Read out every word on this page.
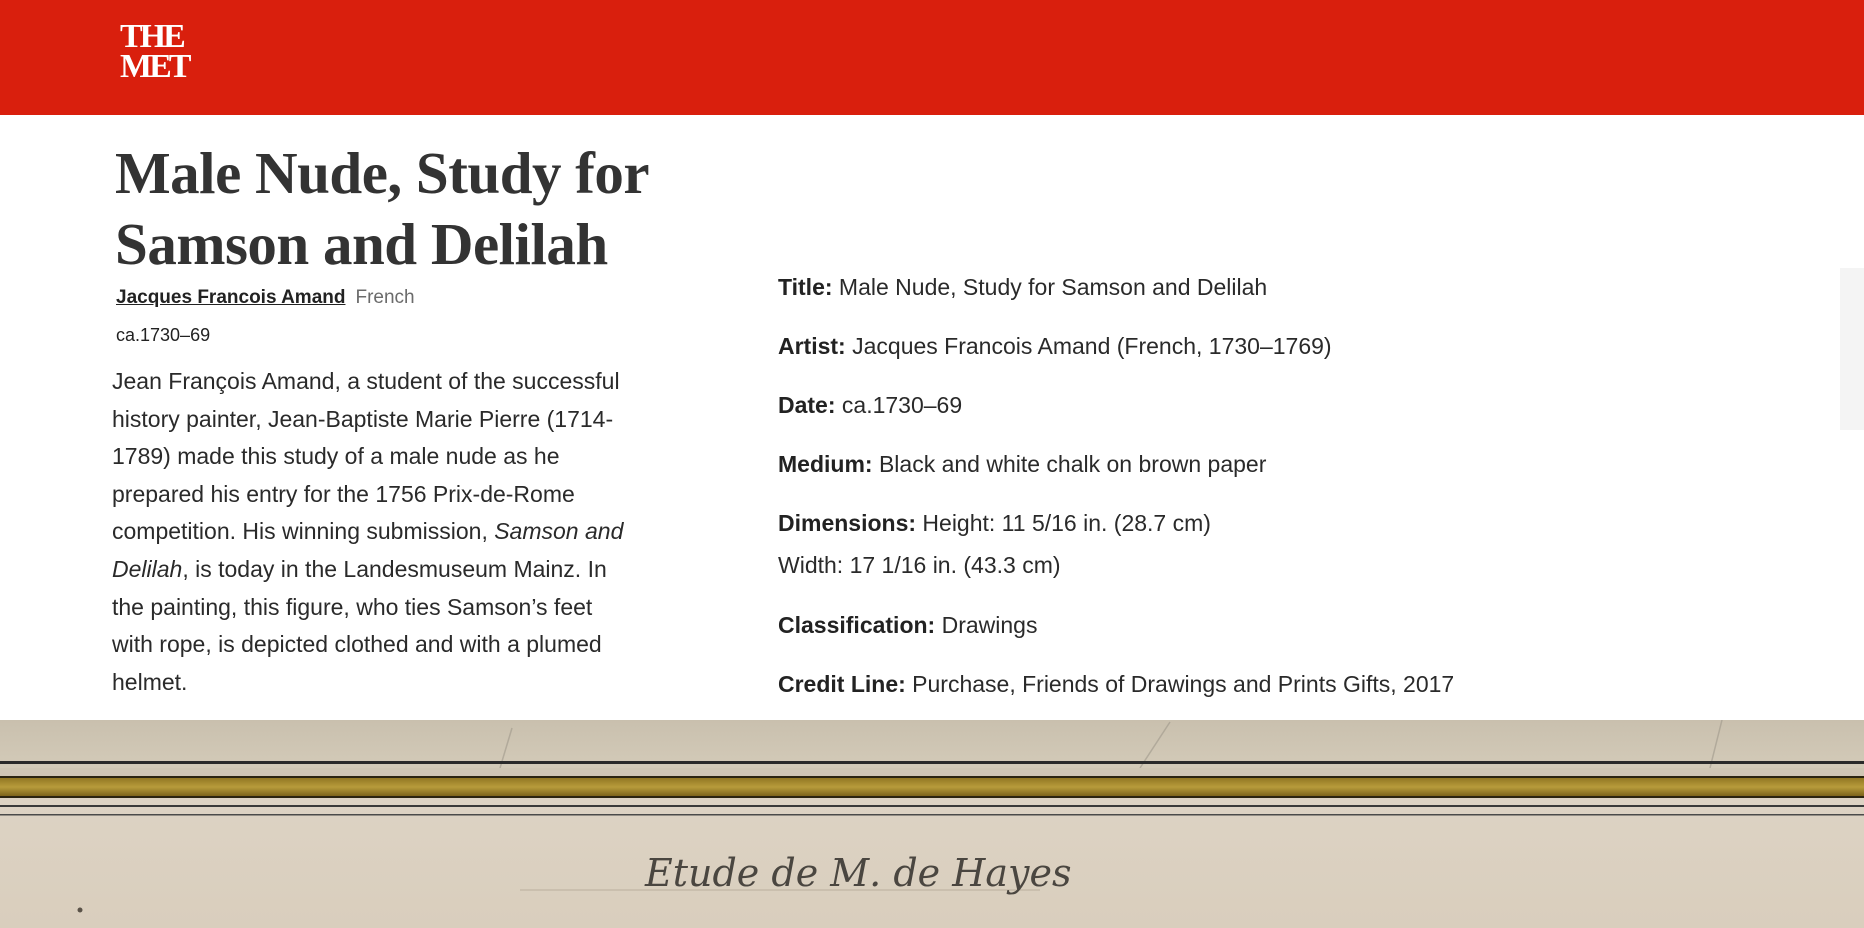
THE
MET
Male Nude, Study for Samson and Delilah
Jacques Francois Amand French
ca.1730–69

Jean François Amand, a student of the successful history painter, Jean-Baptiste Marie Pierre (1714-1789) made this study of a male nude as he prepared his entry for the 1756 Prix-de-Rome competition. His winning submission, Samson and Delilah, is today in the Landesmuseum Mainz. In the painting, this figure, who ties Samson’s feet with rope, is depicted clothed and with a plumed helmet.

Title: Male Nude, Study for Samson and Delilah
Artist: Jacques Francois Amand (French, 1730–1769)
Date: ca.1730–69
Medium: Black and white chalk on brown paper
Dimensions: Height: 11 5/16 in. (28.7 cm)
Width: 17 1/16 in. (43.3 cm)
Classification: Drawings
Credit Line: Purchase, Friends of Drawings and Prints Gifts, 2017
Etude de M. de Hayes
